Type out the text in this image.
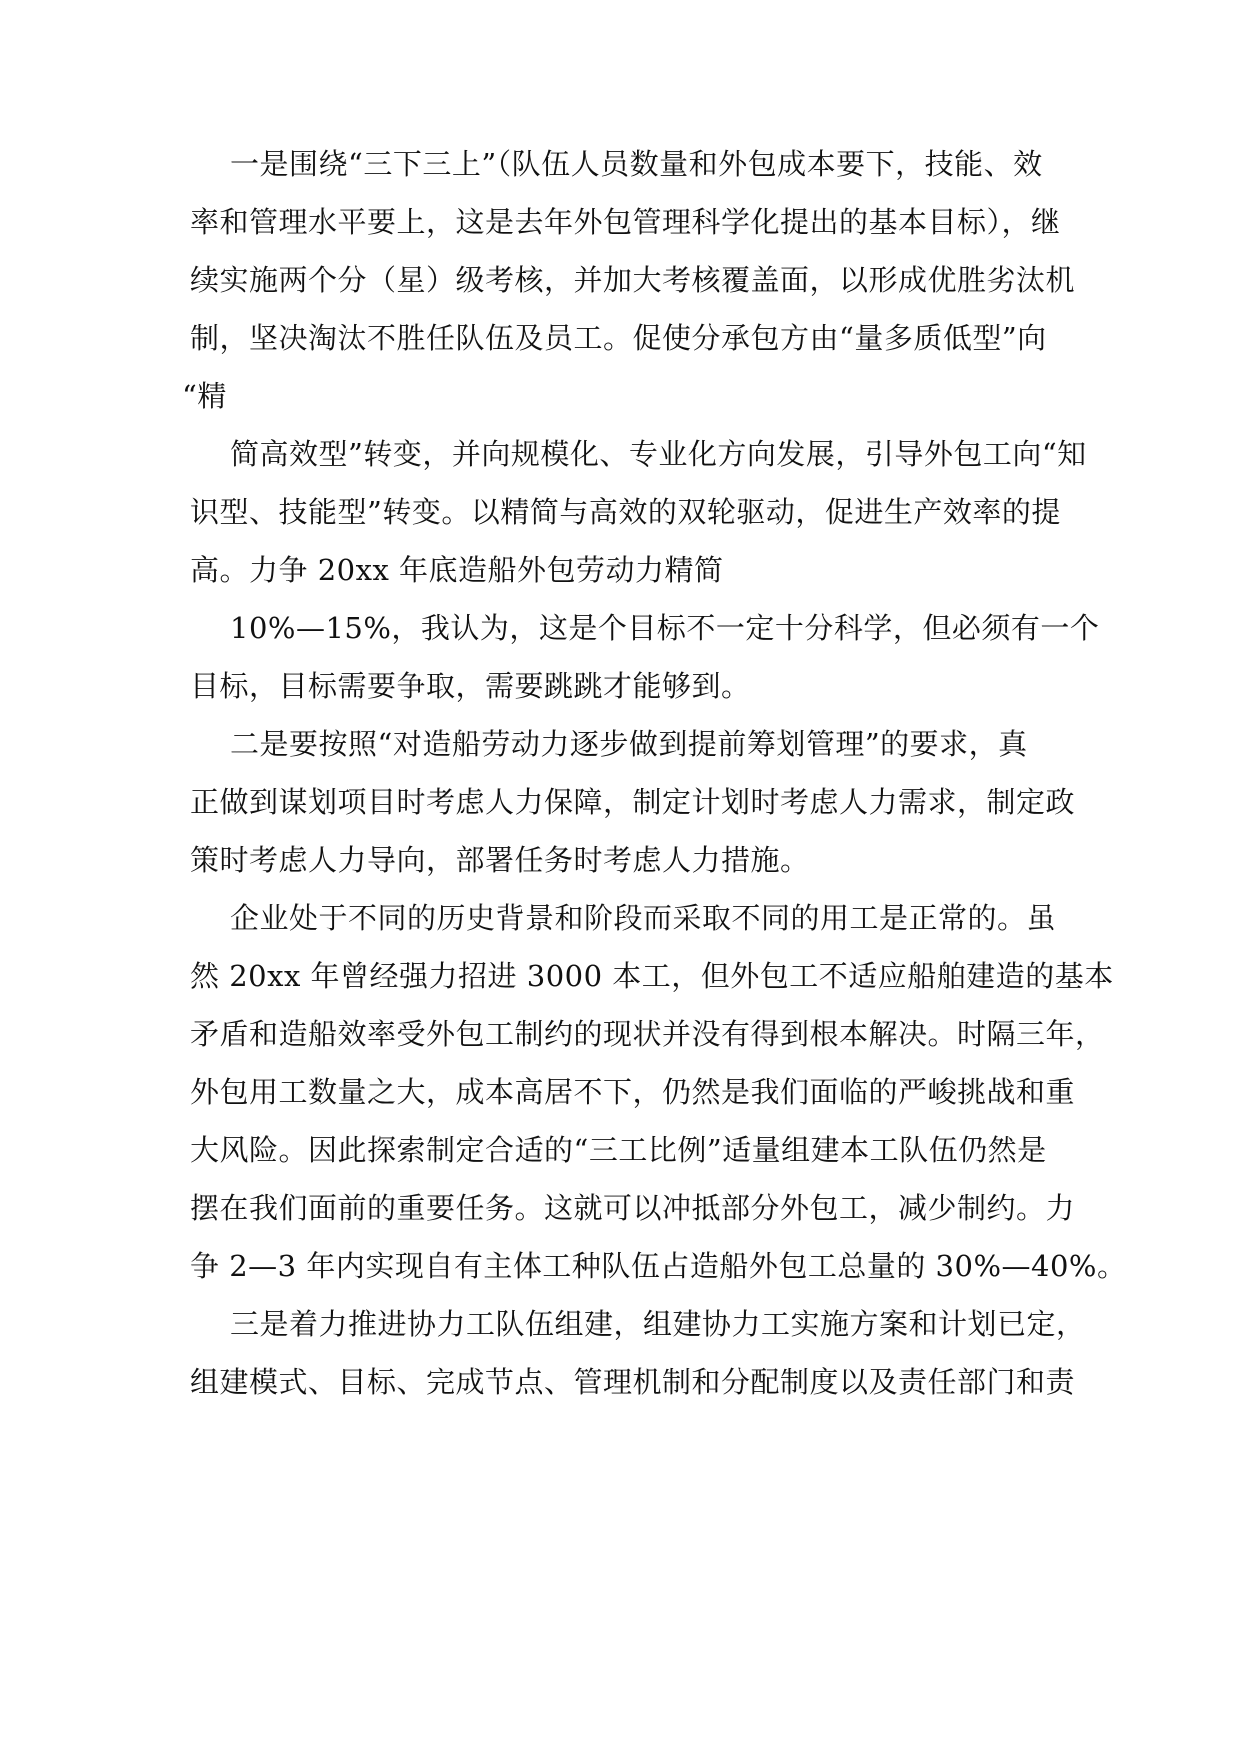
一是围绕“三下三上”（队伍人员数量和外包成本要下，技能、效
率和管理水平要上，这是去年外包管理科学化提出的基本目标），继
续实施两个分（星）级考核，并加大考核覆盖面，以形成优胜劣汰机
制，坚决淘汰不胜任队伍及员工。促使分承包方由“量多质低型”向
“精
简高效型”转变，并向规模化、专业化方向发展，引导外包工向“知
识型、技能型”转变。以精简与高效的双轮驱动，促进生产效率的提
高。力争 20xx 年底造船外包劳动力精简
10%—15%，我认为，这是个目标不一定十分科学，但必须有一个
目标，目标需要争取，需要跳跳才能够到。
二是要按照“对造船劳动力逐步做到提前筹划管理”的要求，真
正做到谋划项目时考虑人力保障，制定计划时考虑人力需求，制定政
策时考虑人力导向，部署任务时考虑人力措施。
企业处于不同的历史背景和阶段而采取不同的用工是正常的。虽
然 20xx 年曾经强力招进 3000 本工，但外包工不适应船舶建造的基本
矛盾和造船效率受外包工制约的现状并没有得到根本解决。时隔三年，
外包用工数量之大，成本高居不下，仍然是我们面临的严峻挑战和重
大风险。因此探索制定合适的“三工比例”适量组建本工队伍仍然是
摆在我们面前的重要任务。这就可以冲抵部分外包工，减少制约。力
争 2—3 年内实现自有主体工种队伍占造船外包工总量的 30%—40%。
三是着力推进协力工队伍组建，组建协力工实施方案和计划已定，
组建模式、目标、完成节点、管理机制和分配制度以及责任部门和责
